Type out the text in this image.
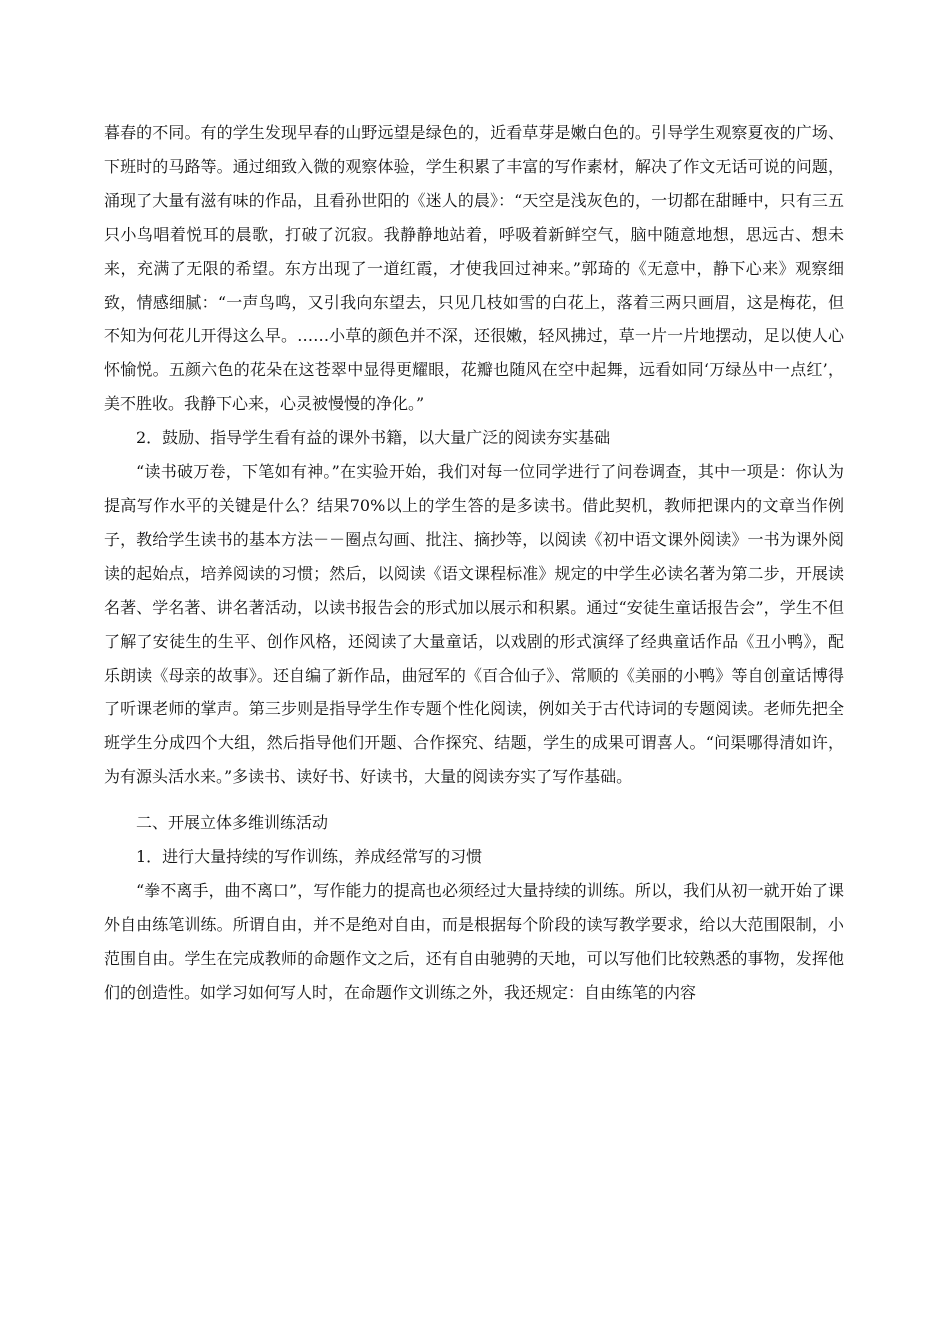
暮春的不同。有的学生发现早春的山野远望是绿色的，近看草芽是嫩白色的。引导学生观察夏夜的广场、下班时的马路等。通过细致入微的观察体验，学生积累了丰富的写作素材，解决了作文无话可说的问题，涌现了大量有滋有味的作品，且看孙世阳的《迷人的晨》：“天空是浅灰色的，一切都在甜睡中，只有三五只小鸟唱着悦耳的晨歌，打破了沉寂。我静静地站着，呼吸着新鲜空气，脑中随意地想，思远古、想未来，充满了无限的希望。东方出现了一道红霞，才使我回过神来。”郭琦的《无意中，静下心来》观察细致，情感细腻：“一声鸟鸣，又引我向东望去，只见几枝如雪的白花上，落着三两只画眉，这是梅花，但不知为何花儿开得这么早。……小草的颜色并不深，还很嫩，轻风拂过，草一片一片地摆动，足以使人心怀愉悦。五颜六色的花朵在这苍翠中显得更耀眼，花瓣也随风在空中起舞，远看如同‘万绿丛中一点红’，美不胜收。我静下心来，心灵被慢慢的净化。”

2．鼓励、指导学生看有益的课外书籍，以大量广泛的阅读夯实基础

“读书破万卷，下笔如有神。”在实验开始，我们对每一位同学进行了问卷调查，其中一项是：你认为提高写作水平的关键是什么？结果70%以上的学生答的是多读书。借此契机，教师把课内的文章当作例子，教给学生读书的基本方法－－圈点勾画、批注、摘抄等，以阅读《初中语文课外阅读》一书为课外阅读的起始点，培养阅读的习惯；然后，以阅读《语文课程标准》规定的中学生必读名著为第二步，开展读名著、学名著、讲名著活动，以读书报告会的形式加以展示和积累。通过“安徒生童话报告会”，学生不但了解了安徒生的生平、创作风格，还阅读了大量童话，以戏剧的形式演绎了经典童话作品《丑小鸭》，配乐朗读《母亲的故事》。还自编了新作品，曲冠军的《百合仙子》、常顺的《美丽的小鸭》等自创童话博得了听课老师的掌声。第三步则是指导学生作专题个性化阅读，例如关于古代诗词的专题阅读。老师先把全班学生分成四个大组，然后指导他们开题、合作探究、结题，学生的成果可谓喜人。“问渠哪得清如许，为有源头活水来。”多读书、读好书、好读书，大量的阅读夯实了写作基础。

二、开展立体多维训练活动

1．进行大量持续的写作训练，养成经常写的习惯

“拳不离手，曲不离口”，写作能力的提高也必须经过大量持续的训练。所以，我们从初一就开始了课外自由练笔训练。所谓自由，并不是绝对自由，而是根据每个阶段的读写教学要求，给以大范围限制，小范围自由。学生在完成教师的命题作文之后，还有自由驰骋的天地，可以写他们比较熟悉的事物，发挥他们的创造性。如学习如何写人时，在命题作文训练之外，我还规定：自由练笔的内容
